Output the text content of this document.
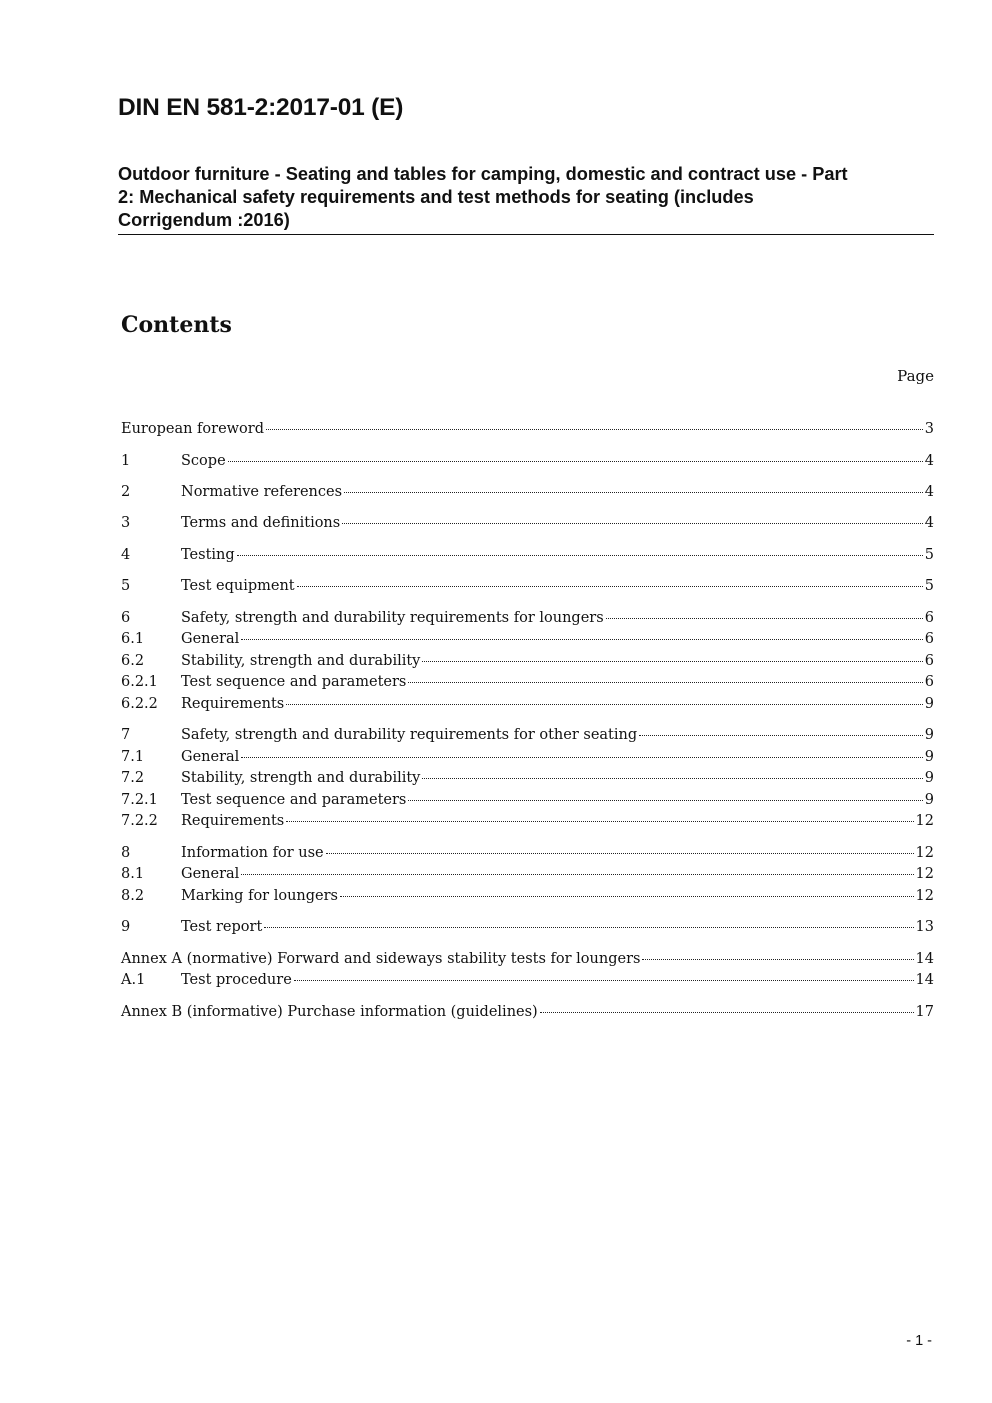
DIN EN 581-2:2017-01 (E)
Outdoor furniture - Seating and tables for camping, domestic and contract use - Part
2: Mechanical safety requirements and test methods for seating (includes
Corrigendum :2016)
Contents
Page
European foreword	3
1	Scope	4
2	Normative references	4
3	Terms and definitions	4
4	Testing	5
5	Test equipment	5
6	Safety, strength and durability requirements for loungers	6
6.1	General	6
6.2	Stability, strength and durability	6
6.2.1	Test sequence and parameters	6
6.2.2	Requirements	9
7	Safety, strength and durability requirements for other seating	9
7.1	General	9
7.2	Stability, strength and durability	9
7.2.1	Test sequence and parameters	9
7.2.2	Requirements	12
8	Information for use	12
8.1	General	12
8.2	Marking for loungers	12
9	Test report	13
Annex A (normative) Forward and sideways stability tests for loungers	14
A.1	Test procedure	14
Annex B (informative) Purchase information (guidelines)	17
- 1 -
